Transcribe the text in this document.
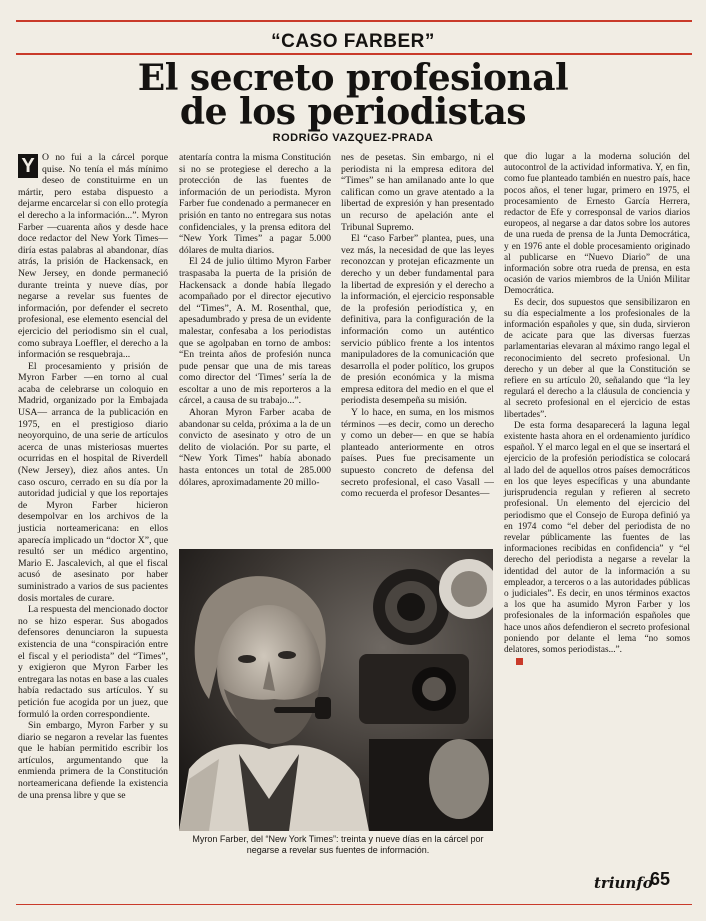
“CASO FARBER”
El secreto profesional
de los periodistas
RODRIGO VAZQUEZ-PRADA

Y O no fui a la cárcel porque quise. No tenía el más mínimo deseo de constituirme en un mártir, pero estaba dispuesto a dejarme encarcelar si con ello protegía el derecho a la información...”. Myron Farber —cuarenta años y desde hace doce redactor del New York Times— diría estas palabras al abandonar, días atrás, la prisión de Hackensack, en New Jersey, en donde permaneció durante treinta y nueve días, por negarse a revelar sus fuentes de información, por defender el secreto profesional, ese elemento esencial del ejercicio del periodismo sin el cual, como subraya Loeffler, el derecho a la información se resquebraja...

El procesamiento y prisión de Myron Farber —en torno al cual acaba de celebrarse un coloquio en Madrid, organizado por la Embajada USA— arranca de la publicación en 1975, en el prestigioso diario neoyorquino, de una serie de artículos acerca de unas misteriosas muertes ocurridas en el hospital de Riverdell (New Jersey), diez años antes. Un caso oscuro, cerrado en su día por la autoridad judicial y que los reportajes de Myron Farber hicieron desempolvar en los archivos de la justicia norteamericana: en ellos aparecía implicado un “doctor X”, que resultó ser un médico argentino, Mario E. Jascalevich, al que el fiscal acusó de asesinato por haber suministrado a varios de sus pacientes dosis mortales de curare.

La respuesta del mencionado doctor no se hizo esperar. Sus abogados defensores denunciaron la supuesta existencia de una “conspiración entre el fiscal y el periodista” del “Times”, y exigieron que Myron Farber les entregara las notas en base a las cuales había redactado sus artículos. Y su petición fue acogida por un juez, que formuló la orden correspondiente.

Sin embargo, Myron Farber y su diario se negaron a revelar las fuentes que le habían permitido escribir los artículos, argumentando que la enmienda primera de la Constitución norteamericana defiende la existencia de una prensa libre y que se

atentaría contra la misma Constitución si no se protegiese el derecho a la protección de las fuentes de información de un periodista. Myron Farber fue condenado a permanecer en prisión en tanto no entregara sus notas confidenciales, y la prensa editora del “New York Times” a pagar 5.000 dólares de multa diarios.

El 24 de julio último Myron Farber traspasaba la puerta de la prisión de Hackensack a donde había llegado acompañado por el director ejecutivo del “Times”, A. M. Rosenthal, que, apesadumbrado y presa de un evidente malestar, confesaba a los periodistas que se agolpaban en torno de ambos: “En treinta años de profesión nunca pude pensar que una de mis tareas como director del ‘Times’ sería la de escoltar a uno de mis reporteros a la cárcel, a causa de su trabajo...”.

Ahoran Myron Farber acaba de abandonar su celda, próxima a la de un convicto de asesinato y otro de un delito de violación. Por su parte, el “New York Times” había abonado hasta entonces un total de 285.000 dólares, aproximadamente 20 millo-

nes de pesetas. Sin embargo, ni el periodista ni la empresa editora del “Times” se han amilanado ante lo que califican como un grave atentado a la libertad de expresión y han presentado un recurso de apelación ante el Tribunal Supremo.

El “caso Farber” plantea, pues, una vez más, la necesidad de que las leyes reconozcan y protejan eficazmente un derecho y un deber fundamental para la libertad de expresión y el derecho a la información, el ejercicio responsable de la profesión periodística y, en definitiva, para la configuración de la información como un auténtico servicio público frente a los intentos manipuladores de la comunicación que desarrolla el poder político, los grupos de presión económica y la misma empresa editora del medio en el que el periodista desempeña su misión.

Y lo hace, en suma, en los mismos términos —es decir, como un derecho y como un deber— en que se había planteado anteriormente en otros países. Pues fue precisamente un supuesto concreto de defensa del secreto profesional, el caso Vasall —como recuerda el profesor Desantes—

que dio lugar a la moderna solución del autocontrol de la actividad informativa. Y, en fin, como fue planteado también en nuestro país, hace pocos años, el tener lugar, primero en 1975, el procesamiento de Ernesto García Herrera, redactor de Efe y corresponsal de varios diarios europeos, al negarse a dar datos sobre los autores de una rueda de prensa de la Junta Democrática, y en 1976 ante el doble procesamiento originado al publicarse en “Nuevo Diario” de una información sobre otra rueda de prensa, en esta ocasión de varios miembros de la Unión Militar Democrática.

Es decir, dos supuestos que sensibilizaron en su día especialmente a los profesionales de la información españoles y que, sin duda, sirvieron de acicate para que las diversas fuerzas parlamentarias elevaran al máximo rango legal el reconocimiento del secreto profesional. Un derecho y un deber al que la Constitución se refiere en su artículo 20, señalando que “la ley regulará el derecho a la cláusula de conciencia y al secreto profesional en el ejercicio de estas libertades”.

De esta forma desaparecerá la laguna legal existente hasta ahora en el ordenamiento jurídico español. Y el marco legal en el que se insertará el ejercicio de la profesión periodística se colocará al lado del de aquellos otros países democráticos en los que leyes específicas y una abundante jurisprudencia regulan y refieren al secreto profesional. Un elemento del ejercicio del periodismo que el Consejo de Europa definió ya en 1974 como “el deber del periodista de no revelar públicamente las fuentes de las informaciones recibidas en confidencia” y “el derecho del periodista a negarse a revelar la identidad del autor de la información a su empleador, a terceros o a las autoridades públicas o judiciales”. Es decir, en unos términos exactos a los que ha asumido Myron Farber y los profesionales de la información españoles que hace unos años defendieron el secreto profesional poniendo por delante el lema “no somos delatores, somos periodistas...”.

Myron Farber, del “New York Times”: treinta y nueve días en la cárcel por negarse a revelar sus fuentes de información.
triunfo
65
